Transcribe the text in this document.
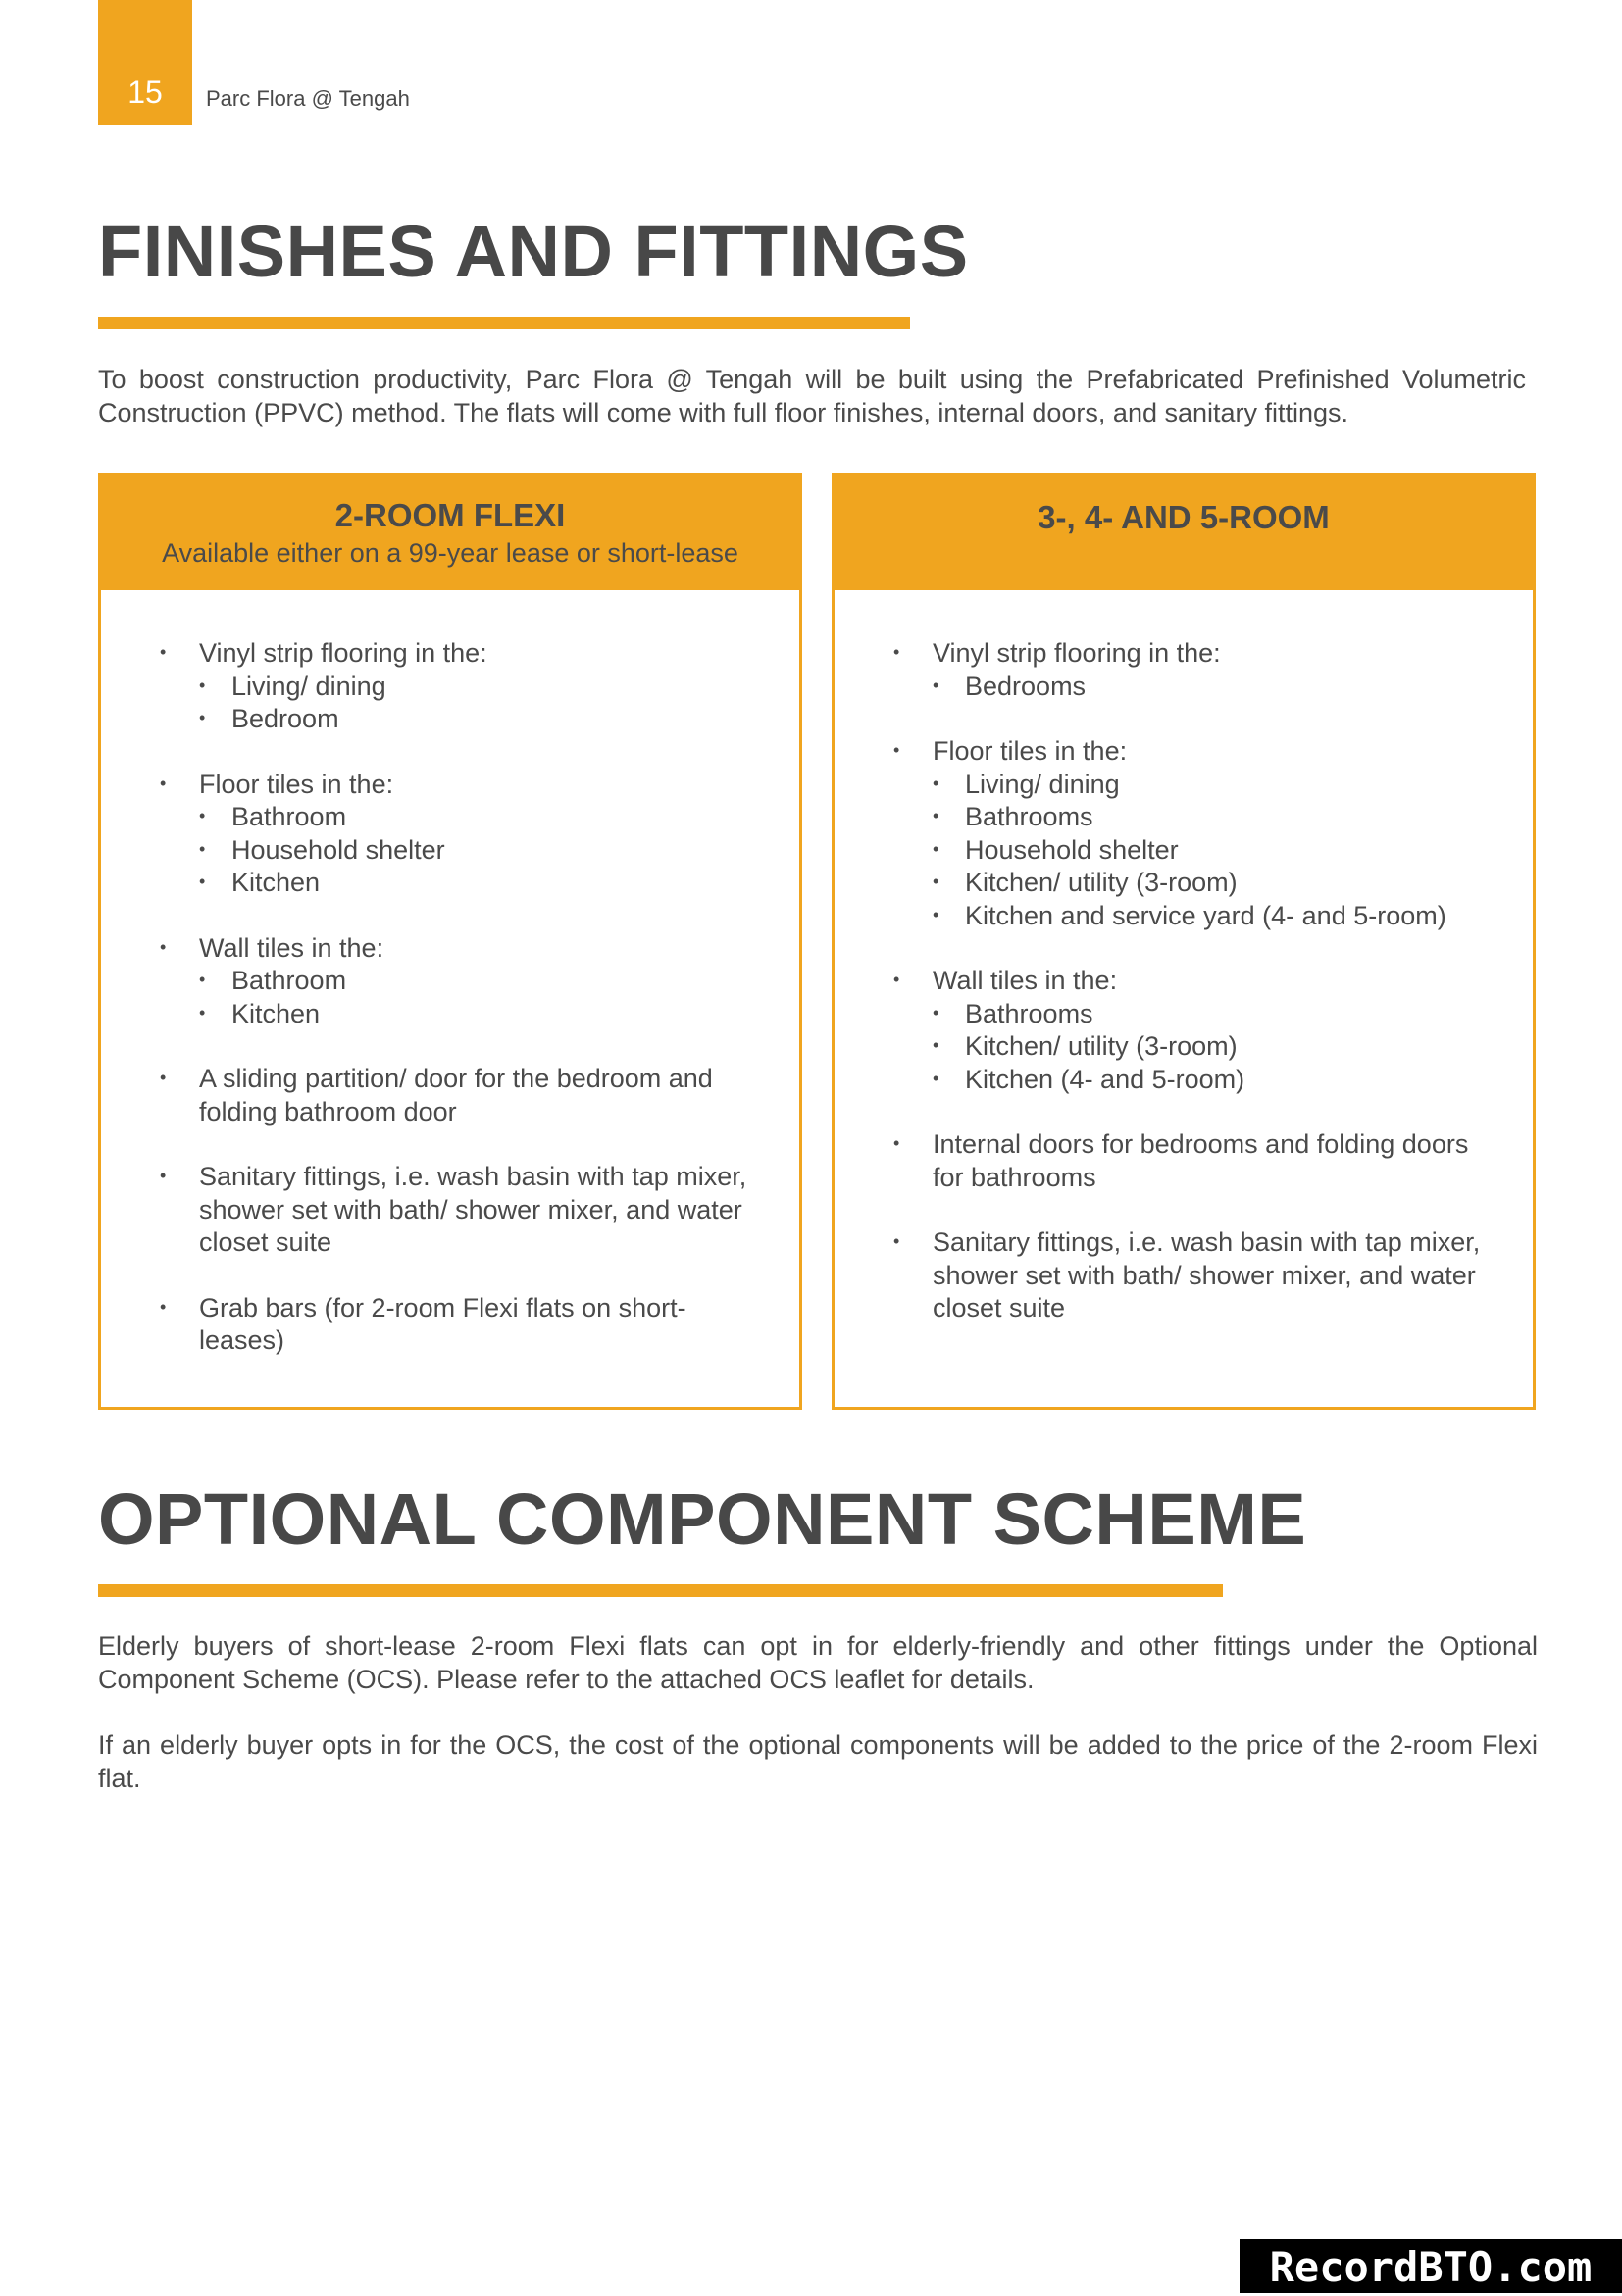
15 Parc Flora @ Tengah
FINISHES AND FITTINGS

To boost construction productivity, Parc Flora @ Tengah will be built using the Prefabricated Prefinished Volumetric Construction (PPVC) method. The flats will come with full floor finishes, internal doors, and sanitary fittings.

2-ROOM FLEXI
Available either on a 99-year lease or short-lease
• Vinyl strip flooring in the:
• Living/ dining
• Bedroom
• Floor tiles in the:
• Bathroom
• Household shelter
• Kitchen
• Wall tiles in the:
• Bathroom
• Kitchen
• A sliding partition/ door for the bedroom and folding bathroom door
• Sanitary fittings, i.e. wash basin with tap mixer, shower set with bath/ shower mixer, and water closet suite
• Grab bars (for 2-room Flexi flats on short-leases)
3-, 4- AND 5-ROOM
• Vinyl strip flooring in the:
• Bedrooms
• Floor tiles in the:
• Living/ dining
• Bathrooms
• Household shelter
• Kitchen/ utility (3-room)
• Kitchen and service yard (4- and 5-room)
• Wall tiles in the:
• Bathrooms
• Kitchen/ utility (3-room)
• Kitchen (4- and 5-room)
• Internal doors for bedrooms and folding doors for bathrooms
• Sanitary fittings, i.e. wash basin with tap mixer, shower set with bath/ shower mixer, and water closet suite
OPTIONAL COMPONENT SCHEME

Elderly buyers of short-lease 2-room Flexi flats can opt in for elderly-friendly and other fittings under the Optional Component Scheme (OCS). Please refer to the attached OCS leaflet for details.

If an elderly buyer opts in for the OCS, the cost of the optional components will be added to the price of the 2-room Flexi flat.

RecordBTO.com
